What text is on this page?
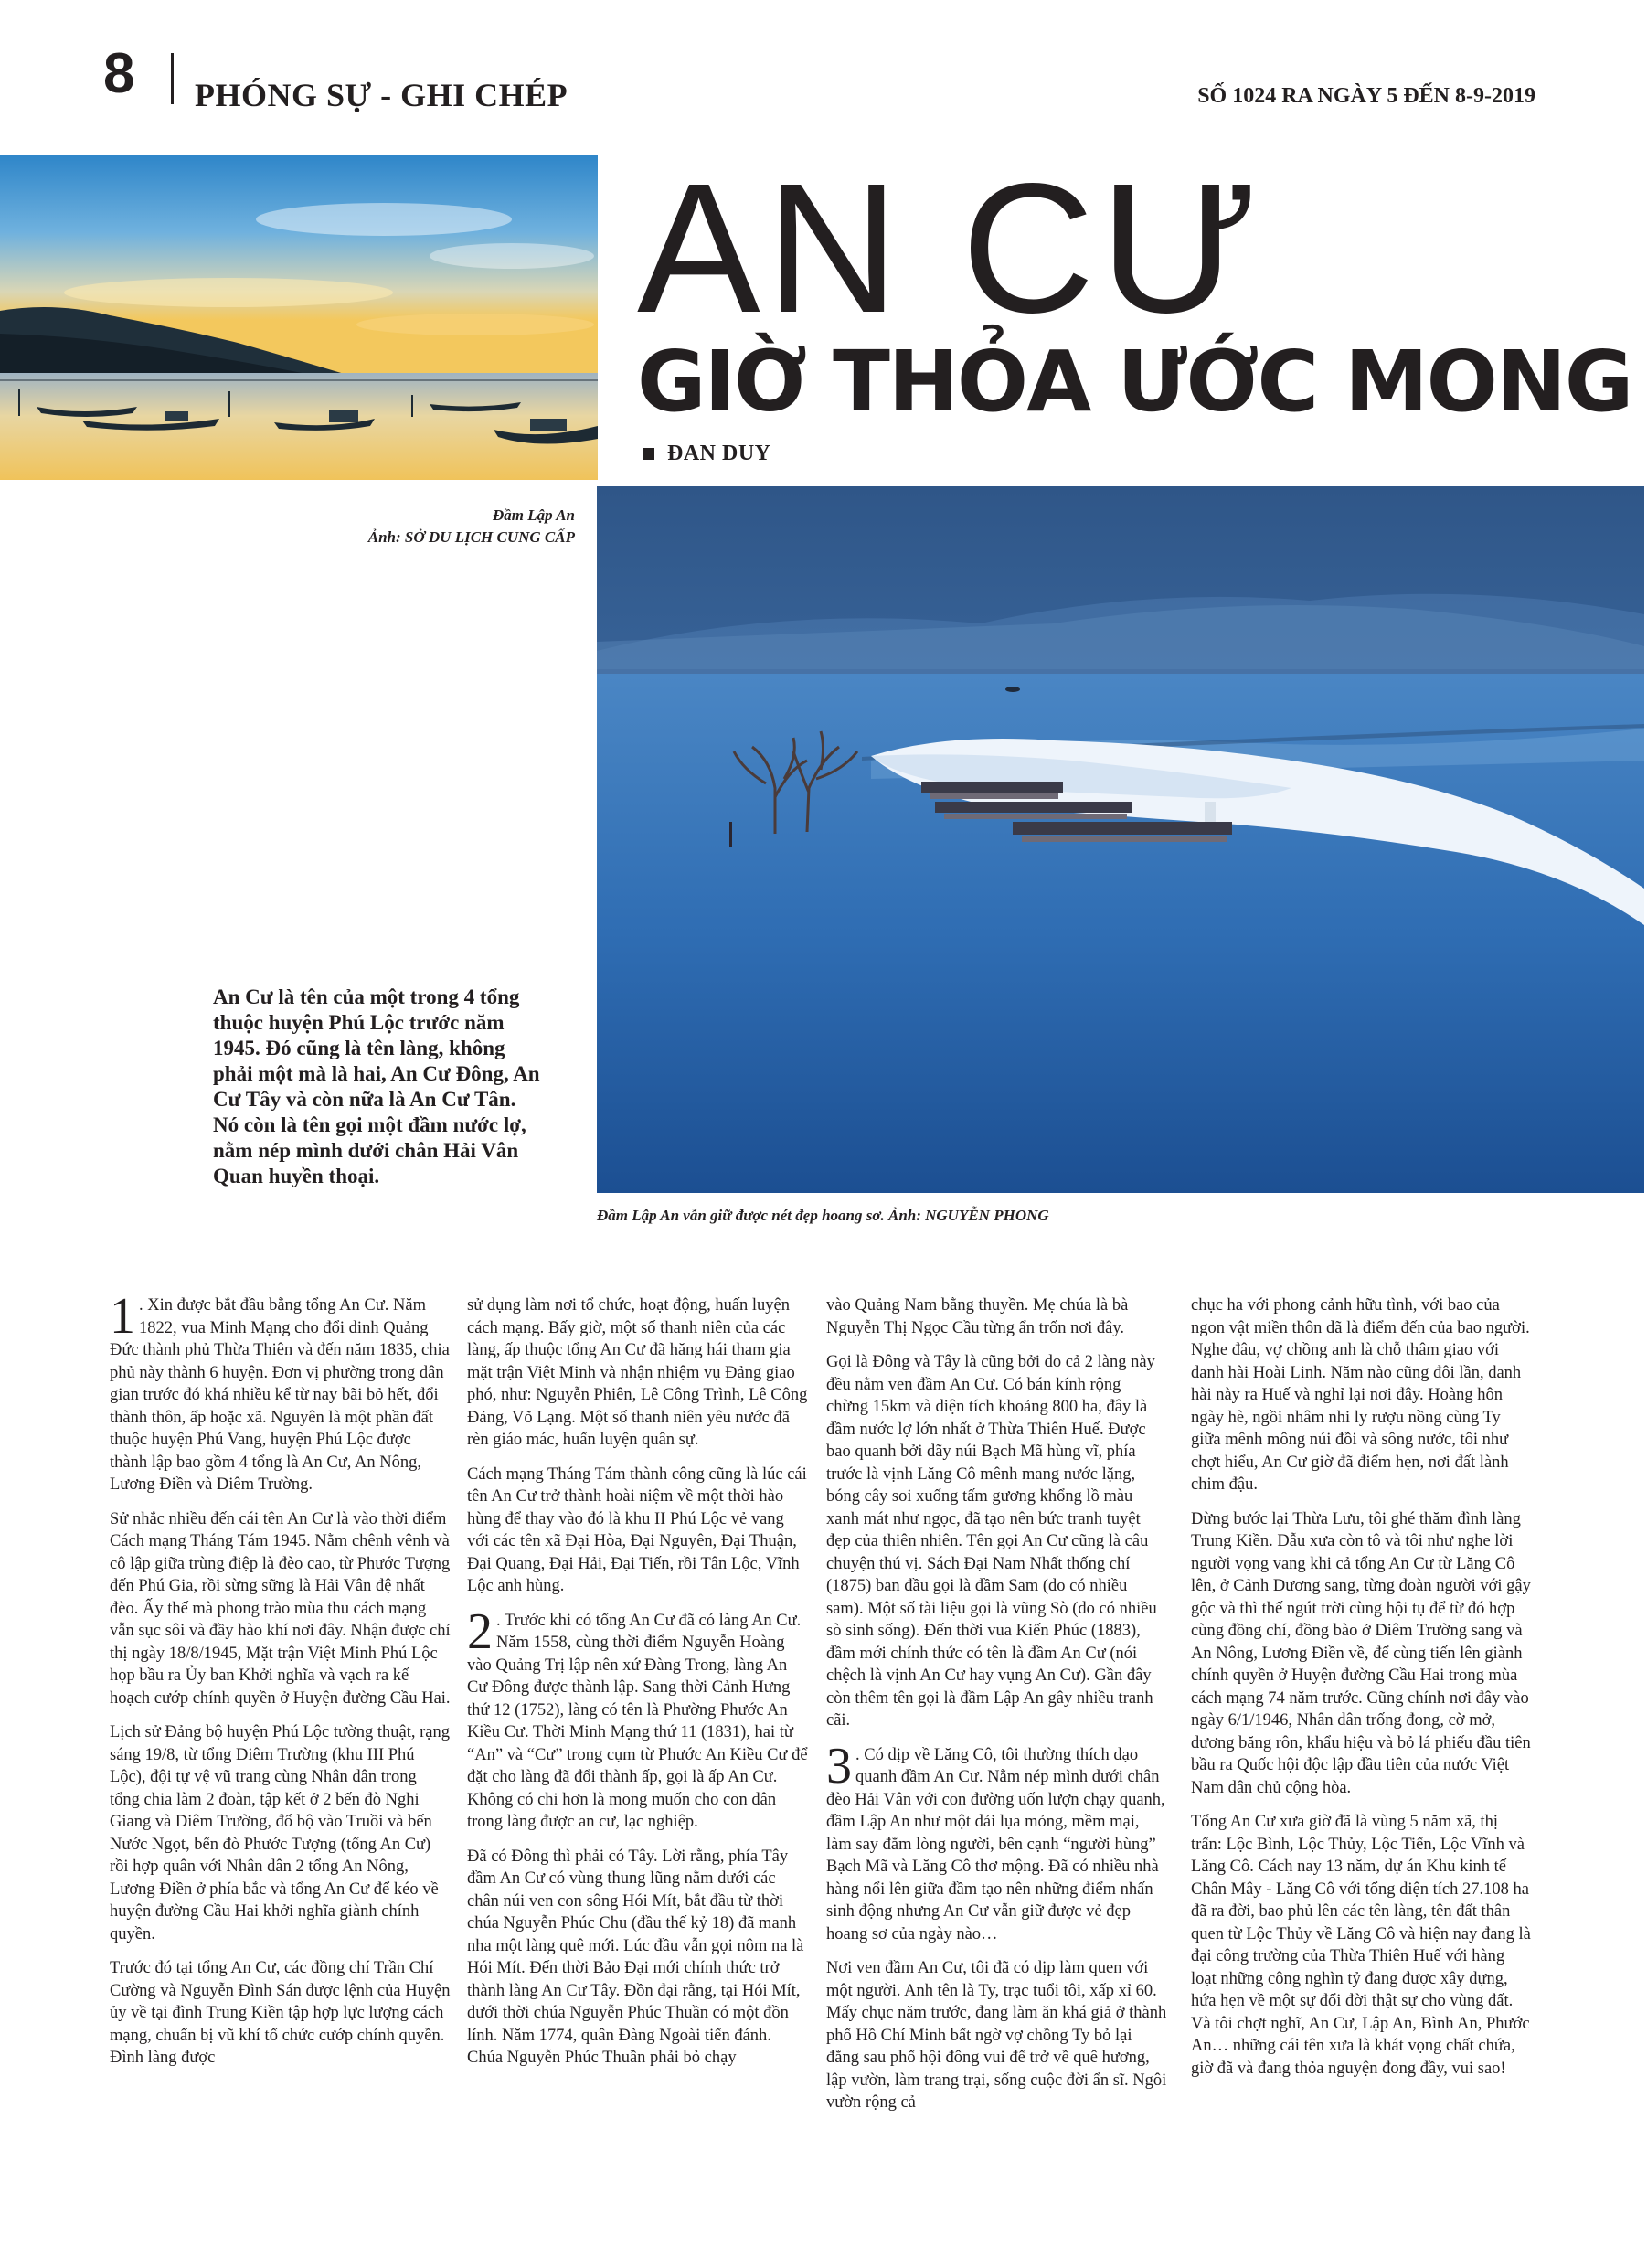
8 PHÓNG SỰ - GHI CHÉP	SỐ 1024 RA NGÀY 5 ĐẾN 8-9-2019
AN CƯ
GIỜ THỎA ƯỚC MONG
ĐAN DUY
Đầm Lập An
Ảnh: SỞ DU LỊCH CUNG CẤP
Đầm Lập An vẫn giữ được nét đẹp hoang sơ. Ảnh: NGUYỄN PHONG
An Cư là tên của một trong 4 tổng thuộc huyện Phú Lộc trước năm 1945. Đó cũng là tên làng, không phải một mà là hai, An Cư Đông, An Cư Tây và còn nữa là An Cư Tân. Nó còn là tên gọi một đầm nước lợ, nằm nép mình dưới chân Hải Vân Quan huyền thoại.

1 . Xin được bắt đầu bằng tổng An Cư. Năm 1822, vua Minh Mạng cho đổi dinh Quảng Đức thành phủ Thừa Thiên và đến năm 1835, chia phủ này thành 6 huyện. Đơn vị phường trong dân gian trước đó khá nhiều kể từ nay bãi bỏ hết, đổi thành thôn, ấp hoặc xã. Nguyên là một phần đất thuộc huyện Phú Vang, huyện Phú Lộc được thành lập bao gồm 4 tổng là An Cư, An Nông, Lương Điền và Diêm Trường.

Sử nhắc nhiều đến cái tên An Cư là vào thời điểm Cách mạng Tháng Tám 1945. Nằm chênh vênh và cô lập giữa trùng điệp là đèo cao, từ Phước Tượng đến Phú Gia, rồi sừng sững là Hải Vân đệ nhất đèo. Ấy thế mà phong trào mùa thu cách mạng vẫn sục sôi và đầy hào khí nơi đây. Nhận được chỉ thị ngày 18/8/1945, Mặt trận Việt Minh Phú Lộc họp bầu ra Ủy ban Khởi nghĩa và vạch ra kế hoạch cướp chính quyền ở Huyện đường Cầu Hai.

Lịch sử Đảng bộ huyện Phú Lộc tường thuật, rạng sáng 19/8, từ tổng Diêm Trường (khu III Phú Lộc), đội tự vệ vũ trang cùng Nhân dân trong tổng chia làm 2 đoàn, tập kết ở 2 bến đò Nghi Giang và Diêm Trường, đổ bộ vào Truồi và bến Nước Ngọt, bến đò Phước Tượng (tổng An Cư) rồi hợp quân với Nhân dân 2 tổng An Nông, Lương Điền ở phía bắc và tổng An Cư để kéo về huyện đường Cầu Hai khởi nghĩa giành chính quyền.

Trước đó tại tổng An Cư, các đồng chí Trần Chí Cường và Nguyễn Đình Sán được lệnh của Huyện ủy về tại đình Trung Kiền tập hợp lực lượng cách mạng, chuẩn bị vũ khí tổ chức cướp chính quyền. Đình làng được

sử dụng làm nơi tổ chức, hoạt động, huấn luyện cách mạng. Bấy giờ, một số thanh niên của các làng, ấp thuộc tổng An Cư đã hăng hái tham gia mặt trận Việt Minh và nhận nhiệm vụ Đảng giao phó, như: Nguyễn Phiên, Lê Công Trình, Lê Công Đảng, Võ Lạng. Một số thanh niên yêu nước đã rèn giáo mác, huấn luyện quân sự.

Cách mạng Tháng Tám thành công cũng là lúc cái tên An Cư trở thành hoài niệm về một thời hào hùng để thay vào đó là khu II Phú Lộc vẻ vang với các tên xã Đại Hòa, Đại Nguyên, Đại Thuận, Đại Quang, Đại Hải, Đại Tiến, rồi Tân Lộc, Vĩnh Lộc anh hùng.

2 . Trước khi có tổng An Cư đã có làng An Cư. Năm 1558, cùng thời điểm Nguyễn Hoàng vào Quảng Trị lập nên xứ Đàng Trong, làng An Cư Đông được thành lập. Sang thời Cảnh Hưng thứ 12 (1752), làng có tên là Phường Phước An Kiều Cư. Thời Minh Mạng thứ 11 (1831), hai từ “An” và “Cư” trong cụm từ Phước An Kiều Cư để đặt cho làng đã đổi thành ấp, gọi là ấp An Cư. Không có chi hơn là mong muốn cho con dân trong làng được an cư, lạc nghiệp.

Đã có Đông thì phải có Tây. Lời rằng, phía Tây đầm An Cư có vùng thung lũng nằm dưới các chân núi ven con sông Hói Mít, bắt đầu từ thời chúa Nguyễn Phúc Chu (đầu thế kỷ 18) đã manh nha một làng quê mới. Lúc đầu vẫn gọi nôm na là Hói Mít. Đến thời Bảo Đại mới chính thức trở thành làng An Cư Tây. Đồn đại rằng, tại Hói Mít, dưới thời chúa Nguyễn Phúc Thuần có một đồn lính. Năm 1774, quân Đàng Ngoài tiến đánh. Chúa Nguyễn Phúc Thuần phải bỏ chạy

vào Quảng Nam bằng thuyền. Mẹ chúa là bà Nguyễn Thị Ngọc Cầu từng ẩn trốn nơi đây.

Gọi là Đông và Tây là cũng bởi do cả 2 làng này đều nằm ven đầm An Cư. Có bán kính rộng chừng 15km và diện tích khoảng 800 ha, đây là đầm nước lợ lớn nhất ở Thừa Thiên Huế. Được bao quanh bởi dãy núi Bạch Mã hùng vĩ, phía trước là vịnh Lăng Cô mênh mang nước lặng, bóng cây soi xuống tấm gương khổng lồ màu xanh mát như ngọc, đã tạo nên bức tranh tuyệt đẹp của thiên nhiên. Tên gọi An Cư cũng là câu chuyện thú vị. Sách Đại Nam Nhất thống chí (1875) ban đầu gọi là đầm Sam (do có nhiều sam). Một số tài liệu gọi là vũng Sò (do có nhiều sò sinh sống). Đến thời vua Kiến Phúc (1883), đầm mới chính thức có tên là đầm An Cư (nói chệch là vịnh An Cư hay vụng An Cư). Gần đây còn thêm tên gọi là đầm Lập An gây nhiều tranh cãi.

3 . Có dịp về Lăng Cô, tôi thường thích dạo quanh đầm An Cư. Nằm nép mình dưới chân đèo Hải Vân với con đường uốn lượn chạy quanh, đầm Lập An như một dải lụa mỏng, mềm mại, làm say đắm lòng người, bên cạnh “người hùng” Bạch Mã và Lăng Cô thơ mộng. Đã có nhiều nhà hàng nổi lên giữa đầm tạo nên những điểm nhấn sinh động nhưng An Cư vẫn giữ được vẻ đẹp hoang sơ của ngày nào…

Nơi ven đầm An Cư, tôi đã có dịp làm quen với một người. Anh tên là Ty, trạc tuổi tôi, xấp xỉ 60. Mấy chục năm trước, đang làm ăn khá giả ở thành phố Hồ Chí Minh bất ngờ vợ chồng Ty bỏ lại đằng sau phố hội đông vui để trở về quê hương, lập vườn, làm trang trại, sống cuộc đời ẩn sĩ. Ngôi vườn rộng cả

chục ha với phong cảnh hữu tình, với bao của ngon vật miền thôn dã là điểm đến của bao người. Nghe đâu, vợ chồng anh là chỗ thâm giao với danh hài Hoài Linh. Năm nào cũng đôi lần, danh hài này ra Huế và nghỉ lại nơi đây. Hoàng hôn ngày hè, ngồi nhâm nhi ly rượu nồng cùng Ty giữa mênh mông núi đồi và sông nước, tôi như chợt hiểu, An Cư giờ đã điểm hẹn, nơi đất lành chim đậu.

Dừng bước lại Thừa Lưu, tôi ghé thăm đình làng Trung Kiền. Dẫu xưa còn tô và tôi như nghe lời người vọng vang khi cả tổng An Cư từ Lăng Cô lên, ở Cảnh Dương sang, từng đoàn người với gậy gộc và thì thế ngút trời cùng hội tụ để từ đó hợp cùng đồng chí, đồng bào ở Diêm Trường sang và An Nông, Lương Điền về, để cùng tiến lên giành chính quyền ở Huyện đường Cầu Hai trong mùa cách mạng 74 năm trước. Cũng chính nơi đây vào ngày 6/1/1946, Nhân dân trống đong, cờ mở, dương băng rôn, khẩu hiệu và bỏ lá phiếu đầu tiên bầu ra Quốc hội độc lập đầu tiên của nước Việt Nam dân chủ cộng hòa.

Tổng An Cư xưa giờ đã là vùng 5 năm xã, thị trấn: Lộc Bình, Lộc Thủy, Lộc Tiến, Lộc Vĩnh và Lăng Cô. Cách nay 13 năm, dự án Khu kinh tế Chân Mây - Lăng Cô với tổng diện tích 27.108 ha đã ra đời, bao phủ lên các tên làng, tên đất thân quen từ Lộc Thủy về Lăng Cô và hiện nay đang là đại công trường của Thừa Thiên Huế với hàng loạt những công nghìn tỷ đang được xây dựng, hứa hẹn về một sự đổi đời thật sự cho vùng đất. Và tôi chợt nghĩ, An Cư, Lập An, Bình An, Phước An… những cái tên xưa là khát vọng chất chứa, giờ đã và đang thỏa nguyện đong đầy, vui sao!
